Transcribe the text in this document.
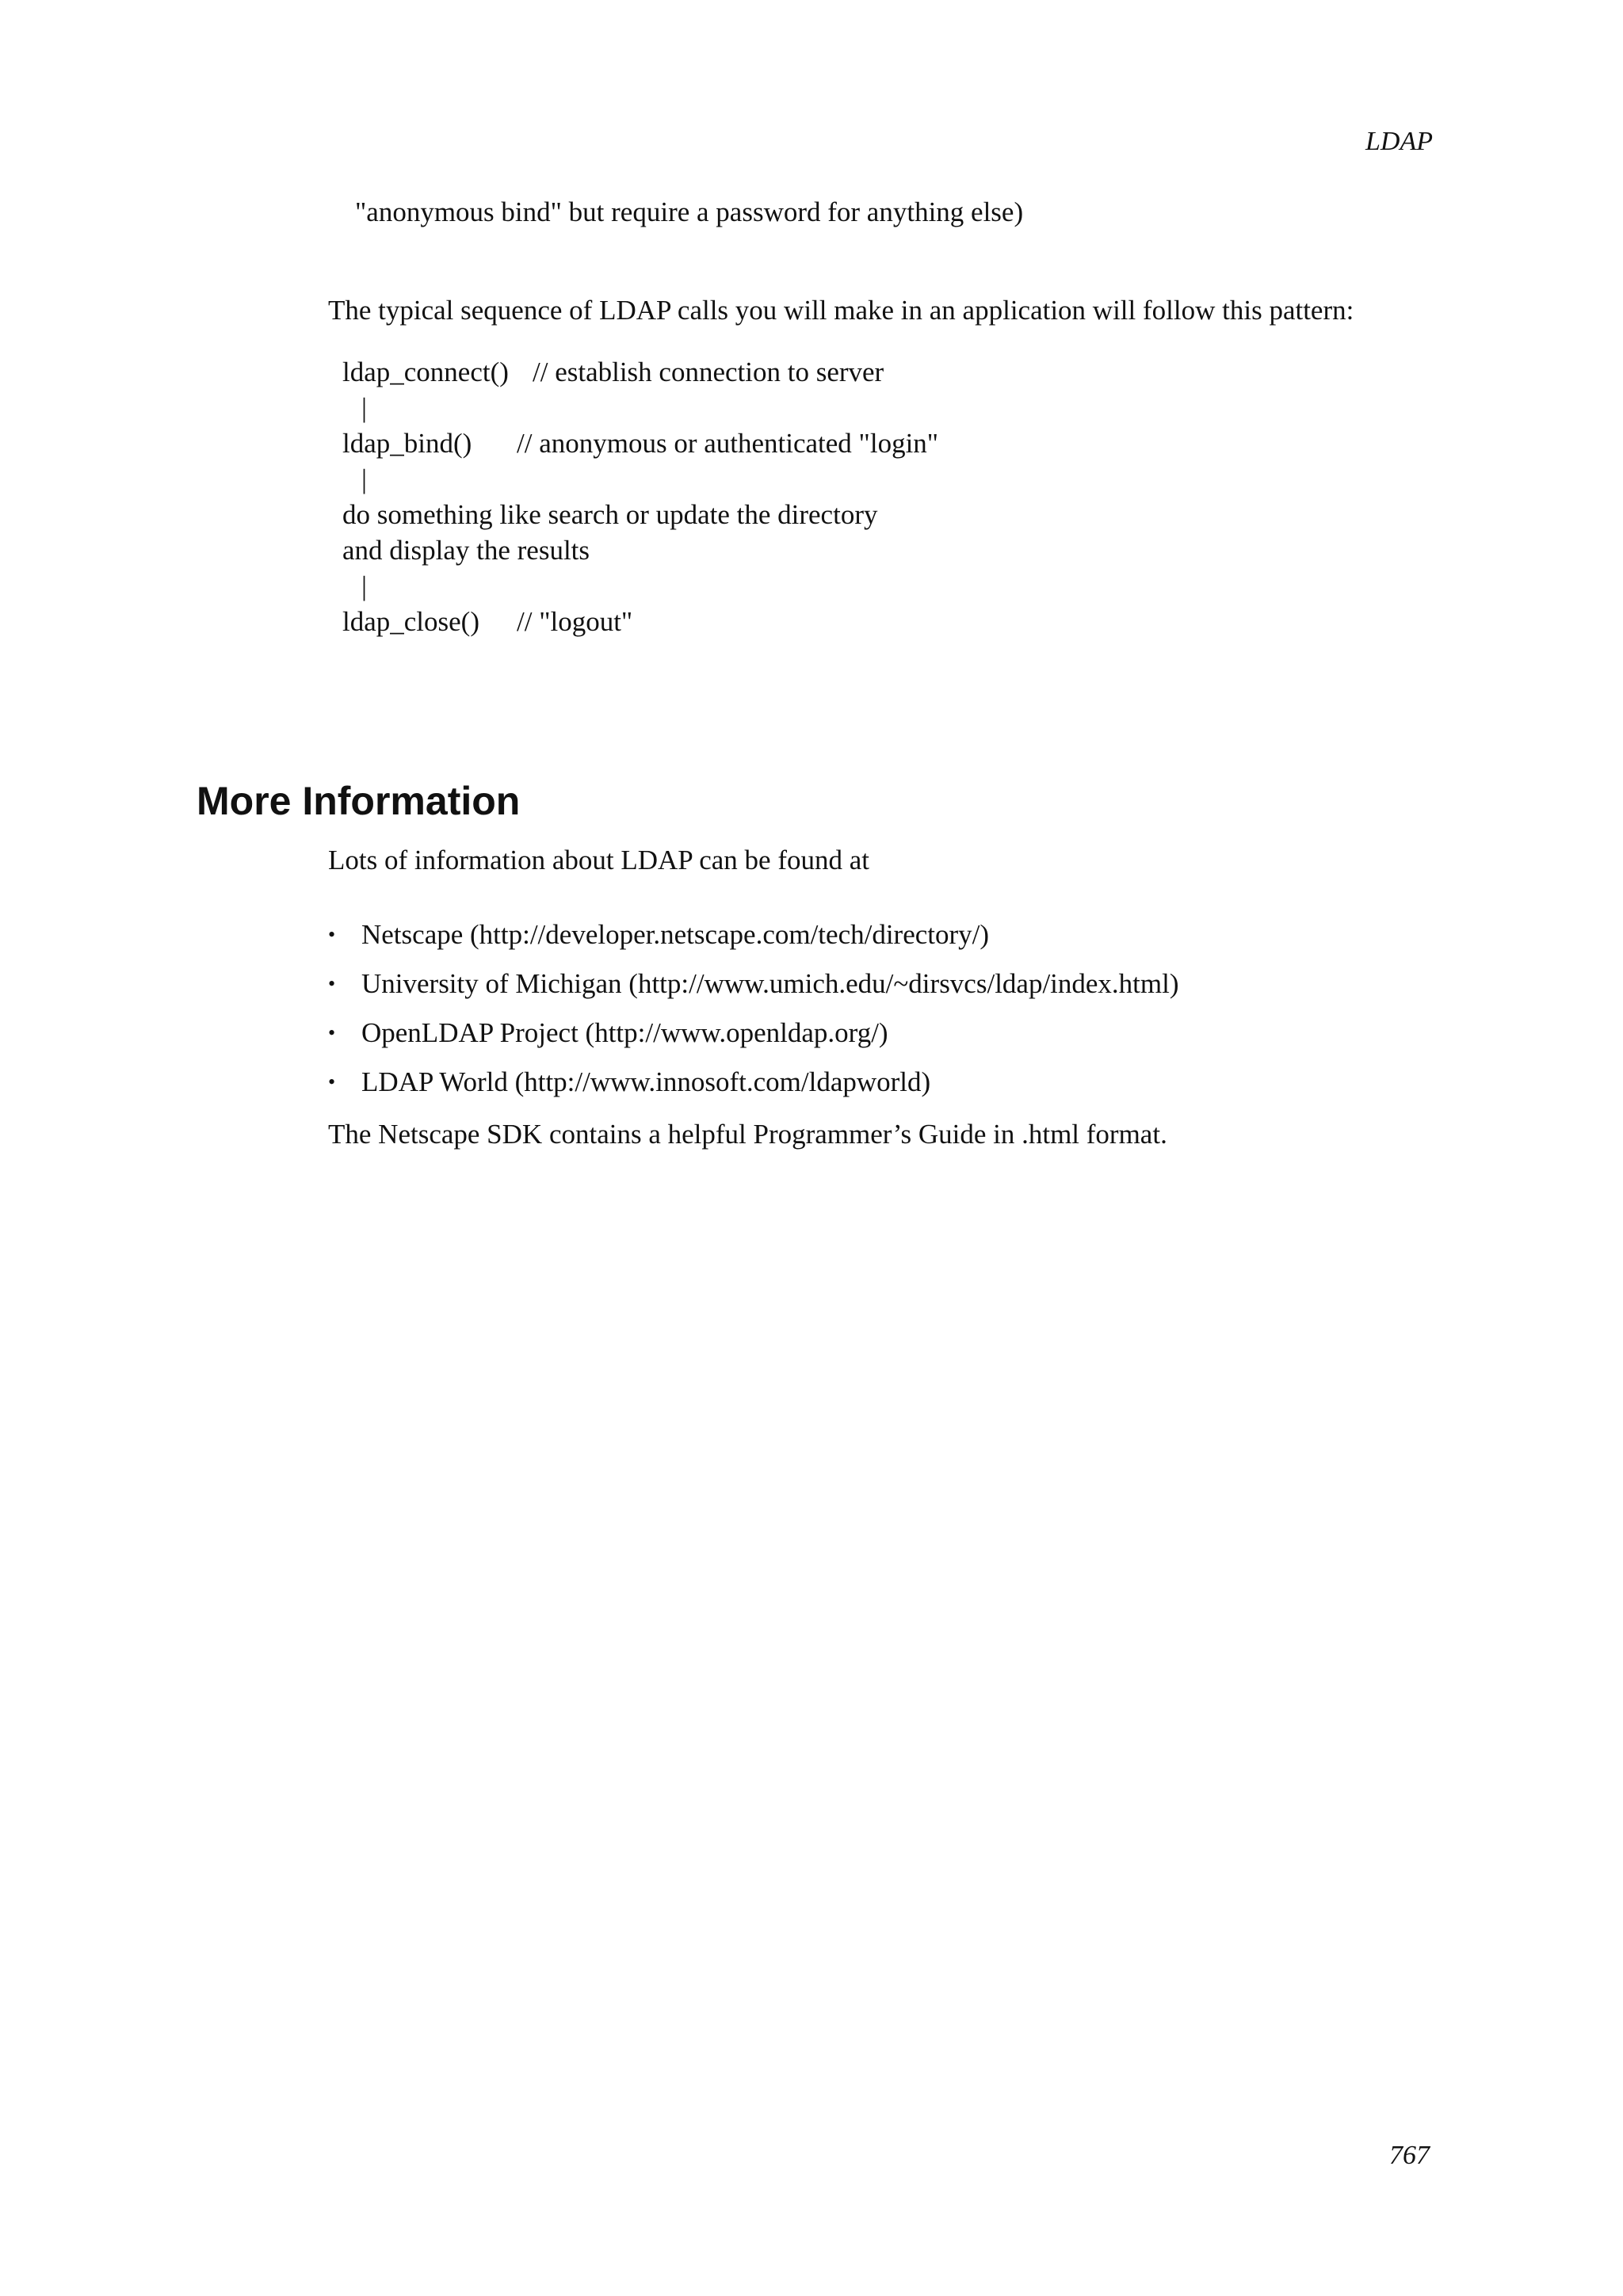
LDAP
"anonymous bind" but require a password for anything else)
The typical sequence of LDAP calls you will make in an application will follow this pattern:
ldap_connect() // establish connection to server
|
ldap_bind() // anonymous or authenticated "login"
|
do something like search or update the directory
and display the results
|
ldap_close() // "logout"
More Information
Lots of information about LDAP can be found at
• Netscape (http://developer.netscape.com/tech/directory/)
• University of Michigan (http://www.umich.edu/~dirsvcs/ldap/index.html)
• OpenLDAP Project (http://www.openldap.org/)
• LDAP World (http://www.innosoft.com/ldapworld)
The Netscape SDK contains a helpful Programmer’s Guide in .html format.
767
